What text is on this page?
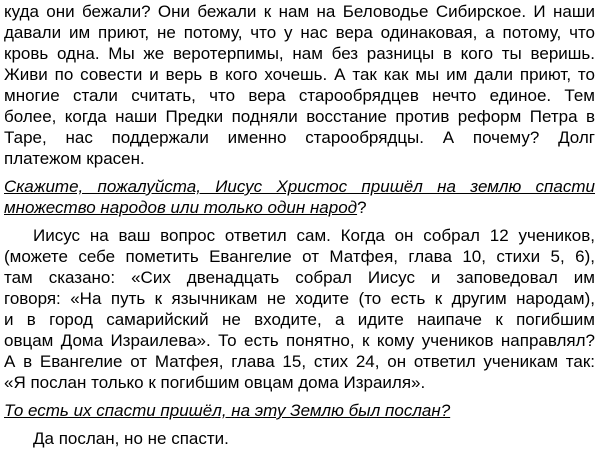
куда они бежали? Они бежали к нам на Беловодье Сибирское. И наши
давали им приют, не потому, что у нас вера одинаковая, а потому, что
кровь одна. Мы же веротерпимы, нам без разницы в кого ты веришь.
Живи по совести и верь в кого хочешь. А так как мы им дали приют, то
многие стали считать, что вера старообрядцев нечто единое. Тем
более, когда наши Предки подняли восстание против реформ Петра в
Таре, нас поддержали именно старообрядцы. А почему? Долг
платежом красен.
Скажите, пожалуйста, Иисус Христос пришёл на землю спасти
множество народов или только один народ?
Иисус на ваш вопрос ответил сам. Когда он собрал 12 учеников,
(можете себе пометить Евангелие от Матфея, глава 10, стихи 5, 6),
там сказано: «Сих двенадцать собрал Иисус и заповедовал им
говоря: «На путь к язычникам не ходите (то есть к другим народам),
и в город самарийский не входите, а идите наипаче к погибшим
овцам Дома Израилева». То есть понятно, к кому учеников направлял?
А в Евангелие от Матфея, глава 15, стих 24, он ответил ученикам так:
«Я послан только к погибшим овцам дома Израиля».
То есть их спасти пришёл, на эту Землю был послан?
Да послан, но не спасти.
